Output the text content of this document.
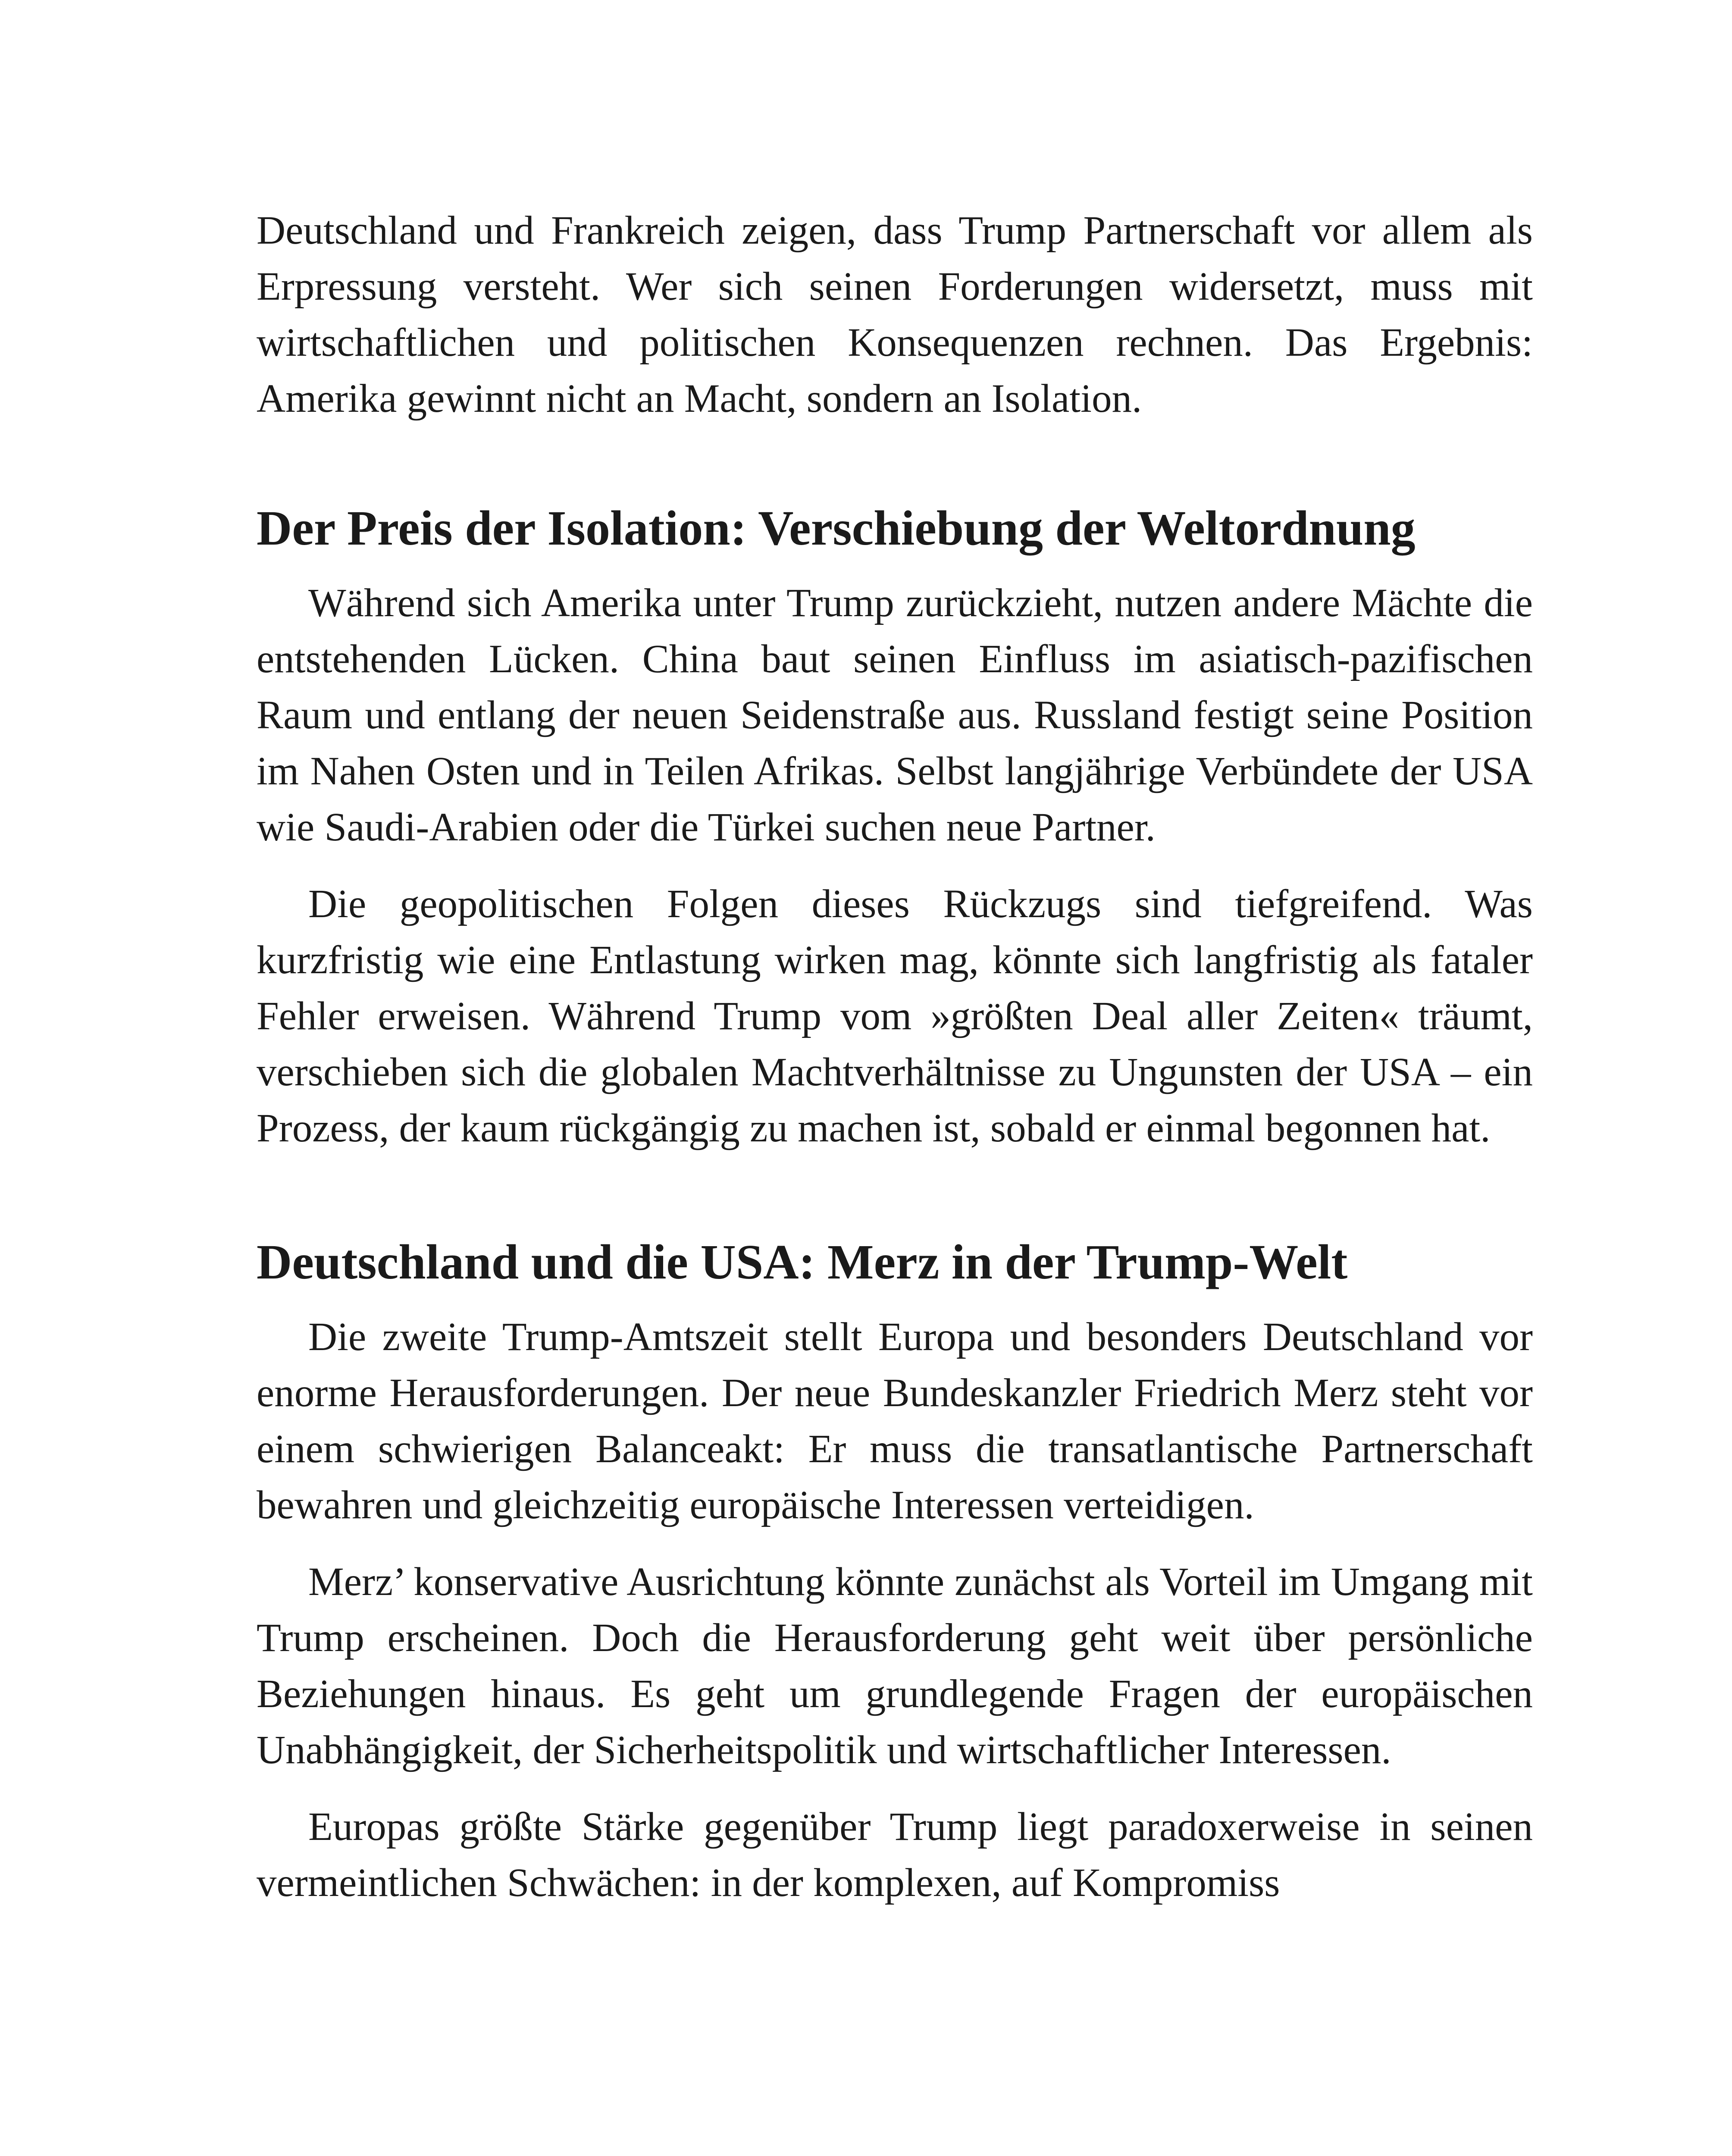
Deutschland und Frankreich zeigen, dass Trump Partnerschaft vor allem als Erpressung versteht. Wer sich seinen Forderungen widersetzt, muss mit wirtschaftlichen und politischen Konsequenzen rechnen. Das Ergebnis: Amerika gewinnt nicht an Macht, sondern an Isolation.

Der Preis der Isolation: Verschiebung der Weltordnung

Während sich Amerika unter Trump zurückzieht, nutzen andere Mächte die entstehenden Lücken. China baut seinen Einfluss im asiatisch-pazifischen Raum und entlang der neuen Seidenstraße aus. Russland festigt seine Position im Nahen Osten und in Teilen Afrikas. Selbst langjährige Verbündete der USA wie Saudi-Arabien oder die Türkei suchen neue Partner.

Die geopolitischen Folgen dieses Rückzugs sind tiefgreifend. Was kurzfristig wie eine Entlastung wirken mag, könnte sich langfristig als fataler Fehler erweisen. Während Trump vom »größten Deal aller Zeiten« träumt, verschieben sich die globalen Machtverhältnisse zu Ungunsten der USA – ein Prozess, der kaum rückgängig zu machen ist, sobald er einmal begonnen hat.

Deutschland und die USA: Merz in der Trump-Welt

Die zweite Trump-Amtszeit stellt Europa und besonders Deutschland vor enorme Herausforderungen. Der neue Bundeskanzler Friedrich Merz steht vor einem schwierigen Balanceakt: Er muss die transatlantische Partnerschaft bewahren und gleichzeitig europäische Interessen verteidigen.

Merz’ konservative Ausrichtung könnte zunächst als Vorteil im Umgang mit Trump erscheinen. Doch die Herausforderung geht weit über persönliche Beziehungen hinaus. Es geht um grundlegende Fragen der europäischen Unabhängigkeit, der Sicherheitspolitik und wirtschaftlicher Interessen.

Europas größte Stärke gegenüber Trump liegt paradoxerweise in seinen vermeintlichen Schwächen: in der komplexen, auf Kompromiss
